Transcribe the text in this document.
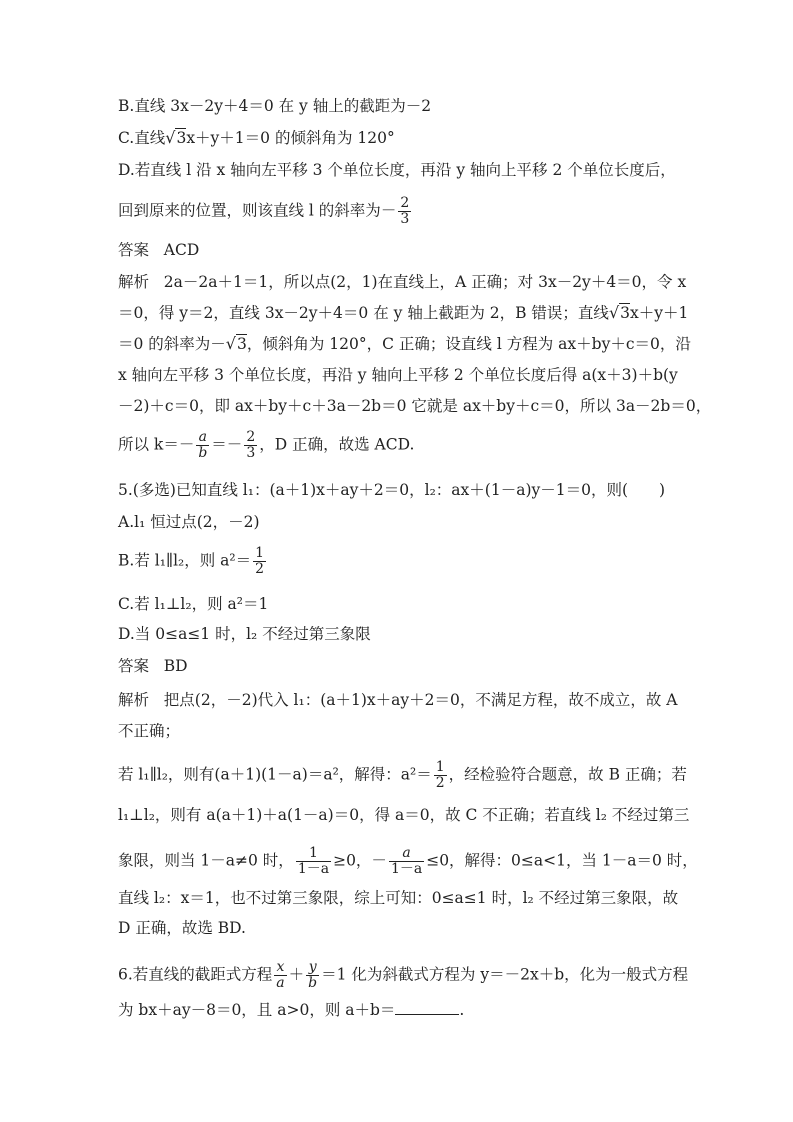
B.直线 3x－2y＋4＝0 在 y 轴上的截距为－2
C.直线√3x＋y＋1＝0 的倾斜角为 120°
D.若直线 l 沿 x 轴向左平移 3 个单位长度，再沿 y 轴向上平移 2 个单位长度后，
回到原来的位置，则该直线 l 的斜率为－ $\frac{2}{3}$
答案 ACD
解析 2a－2a＋1＝1，所以点(2，1)在直线上，A 正确；对 3x－2y＋4＝0，令 x
＝0，得 y＝2，直线 3x－2y＋4＝0 在 y 轴上截距为 2，B 错误；直线√3x＋y＋1
＝0 的斜率为－√3，倾斜角为 120°，C 正确；设直线 l 方程为 ax＋by＋c＝0，沿
x 轴向左平移 3 个单位长度，再沿 y 轴向上平移 2 个单位长度后得 a(x＋3)＋b(y
－2)＋c＝0，即 ax＋by＋c＋3a－2b＝0 它就是 ax＋by＋c＝0，所以 3a－2b＝0，
所以 $k=- \frac{a}{b} =- \frac{2}{3}$ ，D 正确，故选 ACD.
5.(多选)已知直线 l₁：(a＋1)x＋ay＋2＝0，l₂：ax＋(1－a)y－1＝0，则(　　)
A.l₁ 恒过点(2，－2)
B.若 l₁∥l₂，则 $a^2= \frac{1}{2}$
C.若 l₁⊥l₂，则 a²＝1
D.当 0≤a≤1 时，l₂ 不经过第三象限
答案 BD
解析 把点(2，－2)代入 l₁：(a＋1)x＋ay＋2＝0，不满足方程，故不成立，故 A
不正确；
若 l₁∥l₂，则有(a＋1)(1－a)＝a²，解得：$a^2= \frac{1}{2}$ ，经检验符合题意，故 B 正确；若
l₁⊥l₂，则有 a(a＋1)＋a(1－a)＝0，得 a＝0，故 C 不正确；若直线 l₂ 不经过第三
象限，则当 1－a≠0 时， $\frac{1}{1-a} \ge 0$，－ $\frac{a}{1-a} \le 0$，解得：0≤a<1，当 1－a＝0 时，
直线 l₂：x＝1，也不过第三象限，综上可知：0≤a≤1 时，l₂ 不经过第三象限，故
D 正确，故选 BD.
6.若直线的截距式方程 $\frac{x}{a} + \frac{y}{b} =1$ 化为斜截式方程为 y＝－2x＋b，化为一般式方程
为 bx＋ay－8＝0，且 a>0，则 a＋b＝	.
